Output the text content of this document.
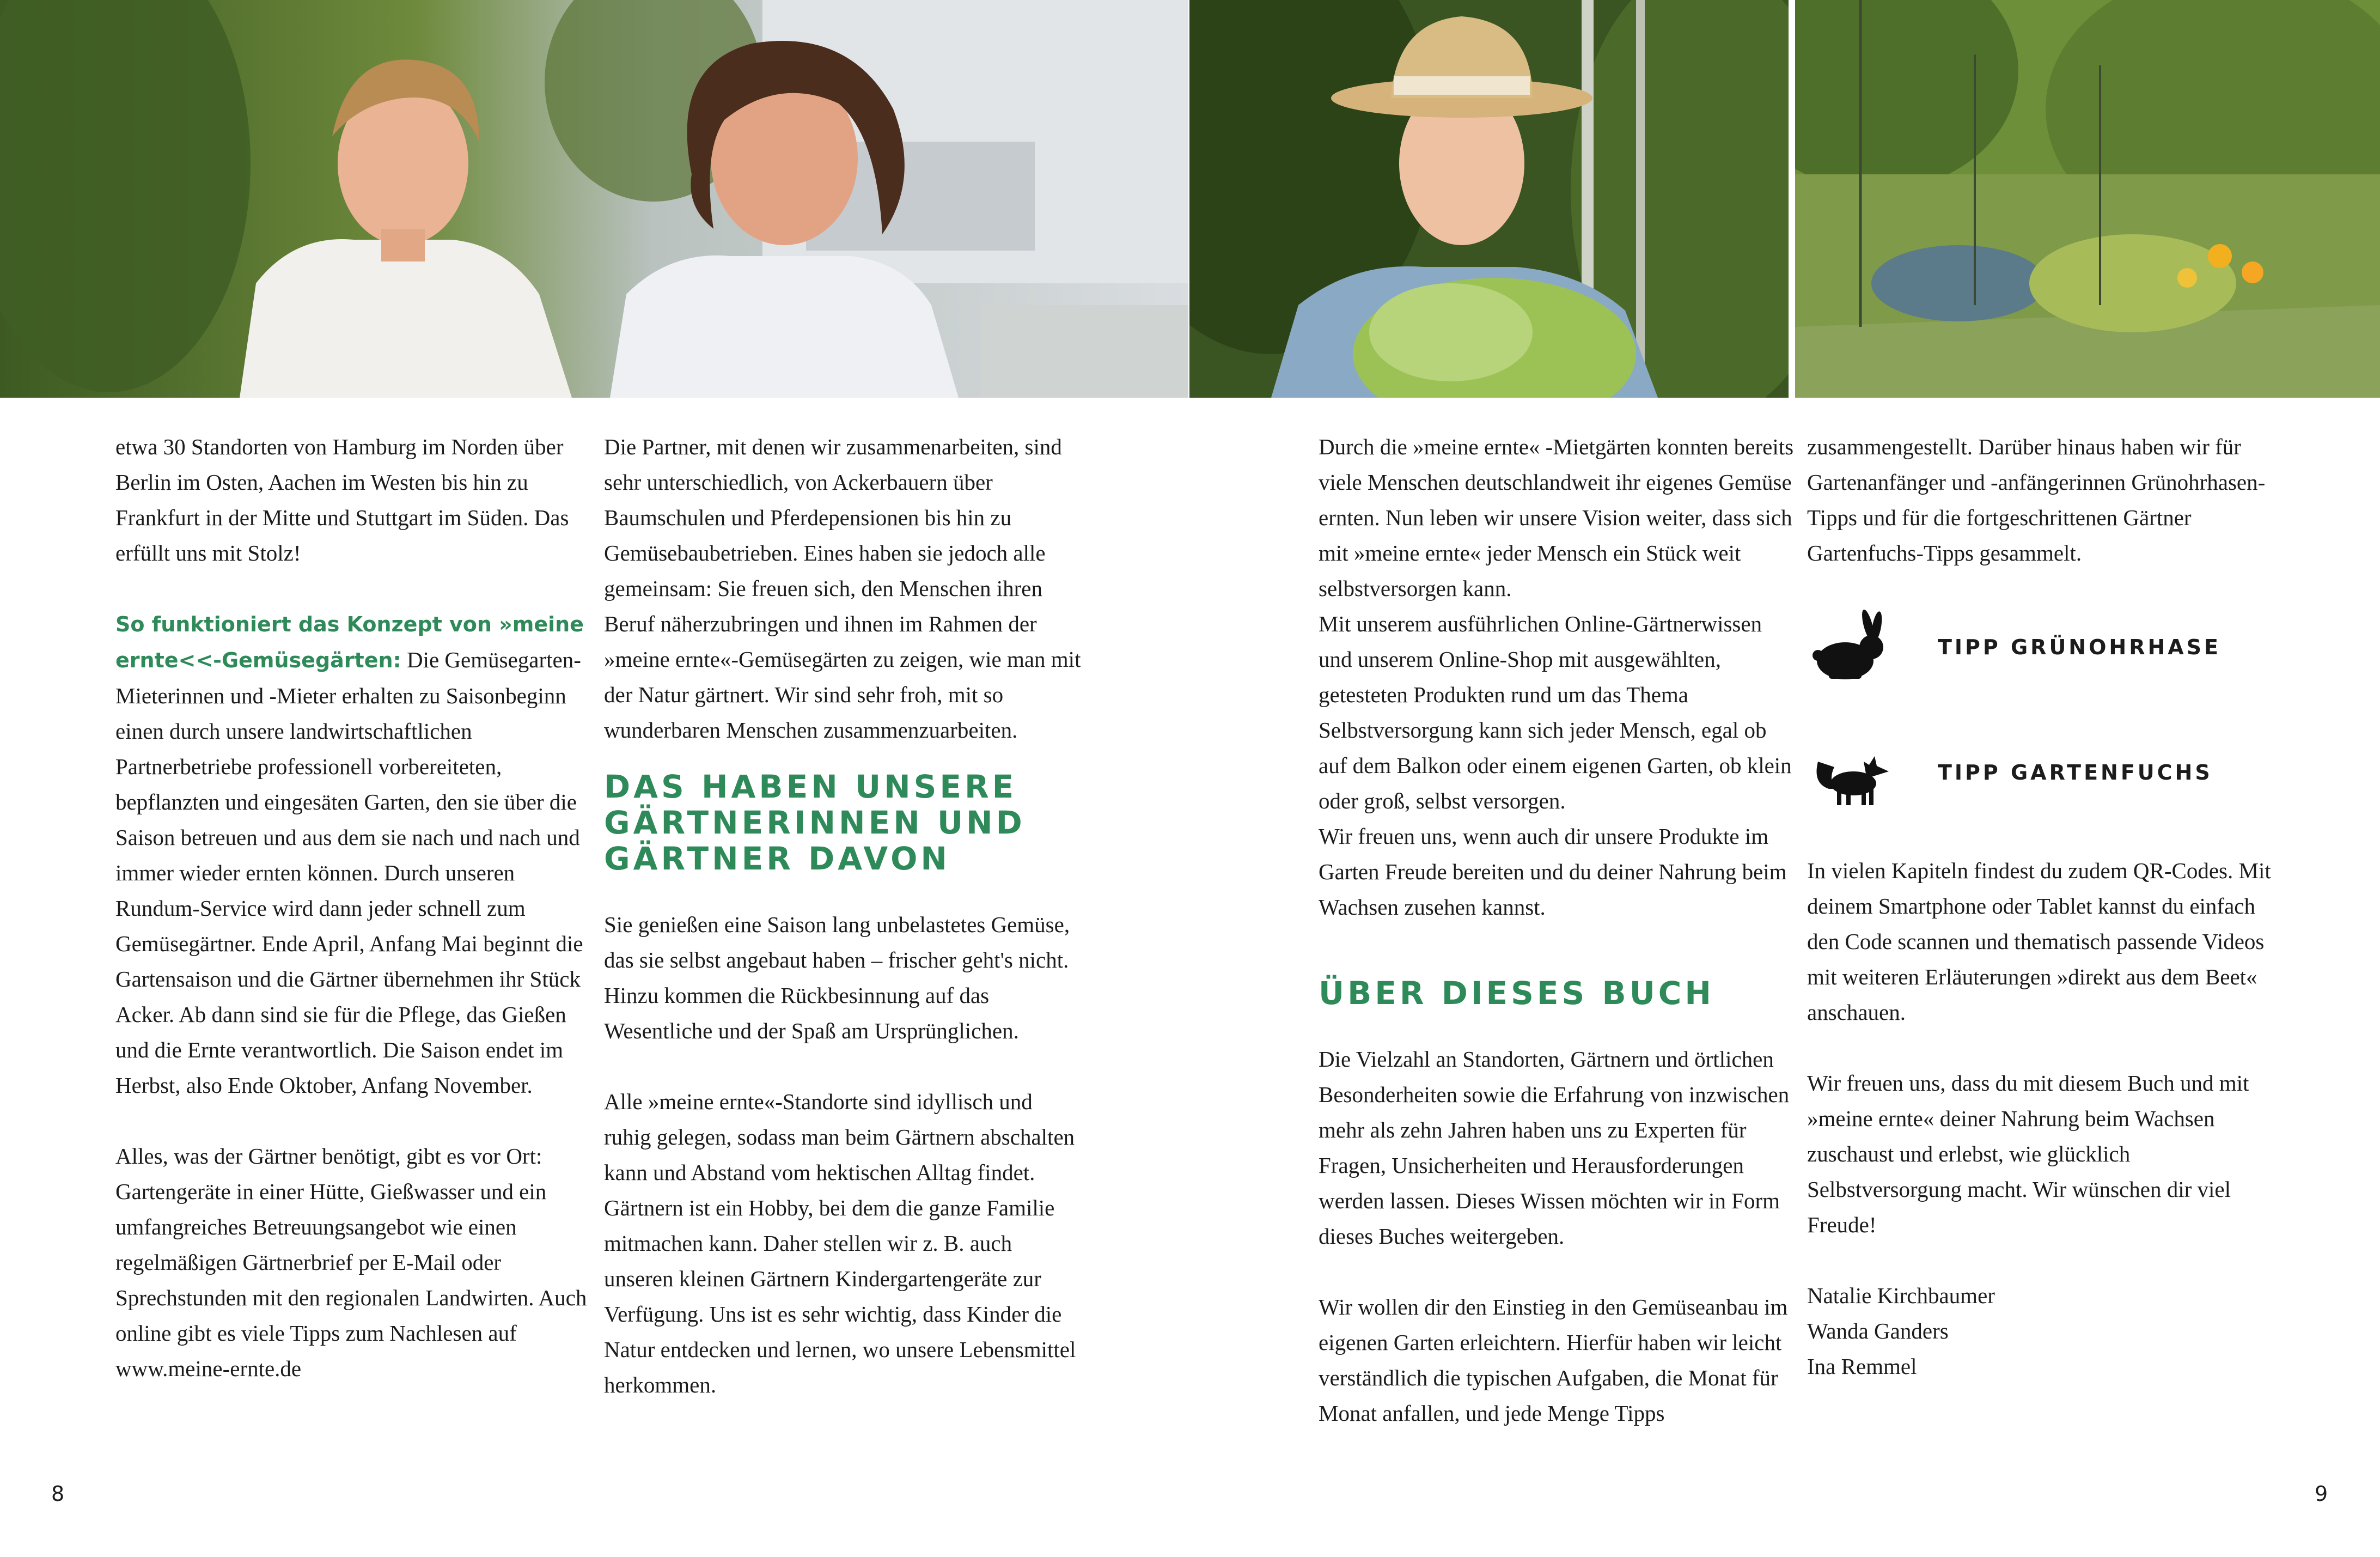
etwa 30 Standorten von Hamburg im Norden über Berlin im Osten, Aachen im Westen bis hin zu Frankfurt in der Mitte und Stuttgart im Süden. Das erfüllt uns mit Stolz!

So funktioniert das Konzept von »meine ernte<<-Gemüsegärten: Die Gemüsegarten-Mieterinnen und -Mieter erhalten zu Saisonbeginn einen durch unsere landwirtschaftlichen Partnerbetriebe professionell vorbereiteten, bepflanzten und eingesäten Garten, den sie über die Saison betreuen und aus dem sie nach und nach und immer wieder ernten können. Durch unseren Rundum-Service wird dann jeder schnell zum Gemüsegärtner. Ende April, Anfang Mai beginnt die Gartensaison und die Gärtner übernehmen ihr Stück Acker. Ab dann sind sie für die Pflege, das Gießen und die Ernte verantwortlich. Die Saison endet im Herbst, also Ende Oktober, Anfang November.

Alles, was der Gärtner benötigt, gibt es vor Ort: Gartengeräte in einer Hütte, Gießwasser und ein umfangreiches Betreuungsangebot wie einen regelmäßigen Gärtnerbrief per E-Mail oder Sprechstunden mit den regionalen Landwirten. Auch online gibt es viele Tipps zum Nachlesen auf www.meine-ernte.de

Die Partner, mit denen wir zusammenarbeiten, sind sehr unterschiedlich, von Ackerbauern über Baumschulen und Pferdepensionen bis hin zu Gemüsebaubetrieben. Eines haben sie jedoch alle gemeinsam: Sie freuen sich, den Menschen ihren Beruf näherzubringen und ihnen im Rahmen der »meine ernte«-Gemüsegärten zu zeigen, wie man mit der Natur gärtnert. Wir sind sehr froh, mit so wunderbaren Menschen zusammenzuarbeiten.

DAS HABEN UNSERE GÄRTNERINNEN UND GÄRTNER DAVON

Sie genießen eine Saison lang unbelastetes Gemüse, das sie selbst angebaut haben – frischer geht's nicht. Hinzu kommen die Rückbesinnung auf das Wesentliche und der Spaß am Ursprünglichen.

Alle »meine ernte«-Standorte sind idyllisch und ruhig gelegen, sodass man beim Gärtnern abschalten kann und Abstand vom hektischen Alltag findet. Gärtnern ist ein Hobby, bei dem die ganze Familie mitmachen kann. Daher stellen wir z. B. auch unseren kleinen Gärtnern Kindergartengeräte zur Verfügung. Uns ist es sehr wichtig, dass Kinder die Natur entdecken und lernen, wo unsere Lebensmittel herkommen.

Durch die »meine ernte« -Mietgärten konnten bereits viele Menschen deutschlandweit ihr eigenes Gemüse ernten. Nun leben wir unsere Vision weiter, dass sich mit »meine ernte« jeder Mensch ein Stück weit selbstversorgen kann.

Mit unserem ausführlichen Online-Gärtnerwissen und unserem Online-Shop mit ausgewählten, getesteten Produkten rund um das Thema Selbstversorgung kann sich jeder Mensch, egal ob auf dem Balkon oder einem eigenen Garten, ob klein oder groß, selbst versorgen.

Wir freuen uns, wenn auch dir unsere Produkte im Garten Freude bereiten und du deiner Nahrung beim Wachsen zusehen kannst.

ÜBER DIESES BUCH

Die Vielzahl an Standorten, Gärtnern und örtlichen Besonderheiten sowie die Erfahrung von inzwischen mehr als zehn Jahren haben uns zu Experten für Fragen, Unsicherheiten und Herausforderungen werden lassen. Dieses Wissen möchten wir in Form dieses Buches weitergeben.

Wir wollen dir den Einstieg in den Gemüseanbau im eigenen Garten erleichtern. Hierfür haben wir leicht verständlich die typischen Aufgaben, die Monat für Monat anfallen, und jede Menge Tipps

zusammengestellt. Darüber hinaus haben wir für Gartenanfänger und -anfängerinnen Grünohrhasen-Tipps und für die fortgeschrittenen Gärtner Gartenfuchs-Tipps gesammelt.

TIPP GRÜNOHRHASE
TIPP GARTENFUCHS

In vielen Kapiteln findest du zudem QR-Codes. Mit deinem Smartphone oder Tablet kannst du einfach den Code scannen und thematisch passende Videos mit weiteren Erläuterungen »direkt aus dem Beet« anschauen.

Wir freuen uns, dass du mit diesem Buch und mit »meine ernte« deiner Nahrung beim Wachsen zuschaust und erlebst, wie glücklich Selbstversorgung macht. Wir wünschen dir viel Freude!

Natalie Kirchbaumer
Wanda Ganders
Ina Remmel
8	9
